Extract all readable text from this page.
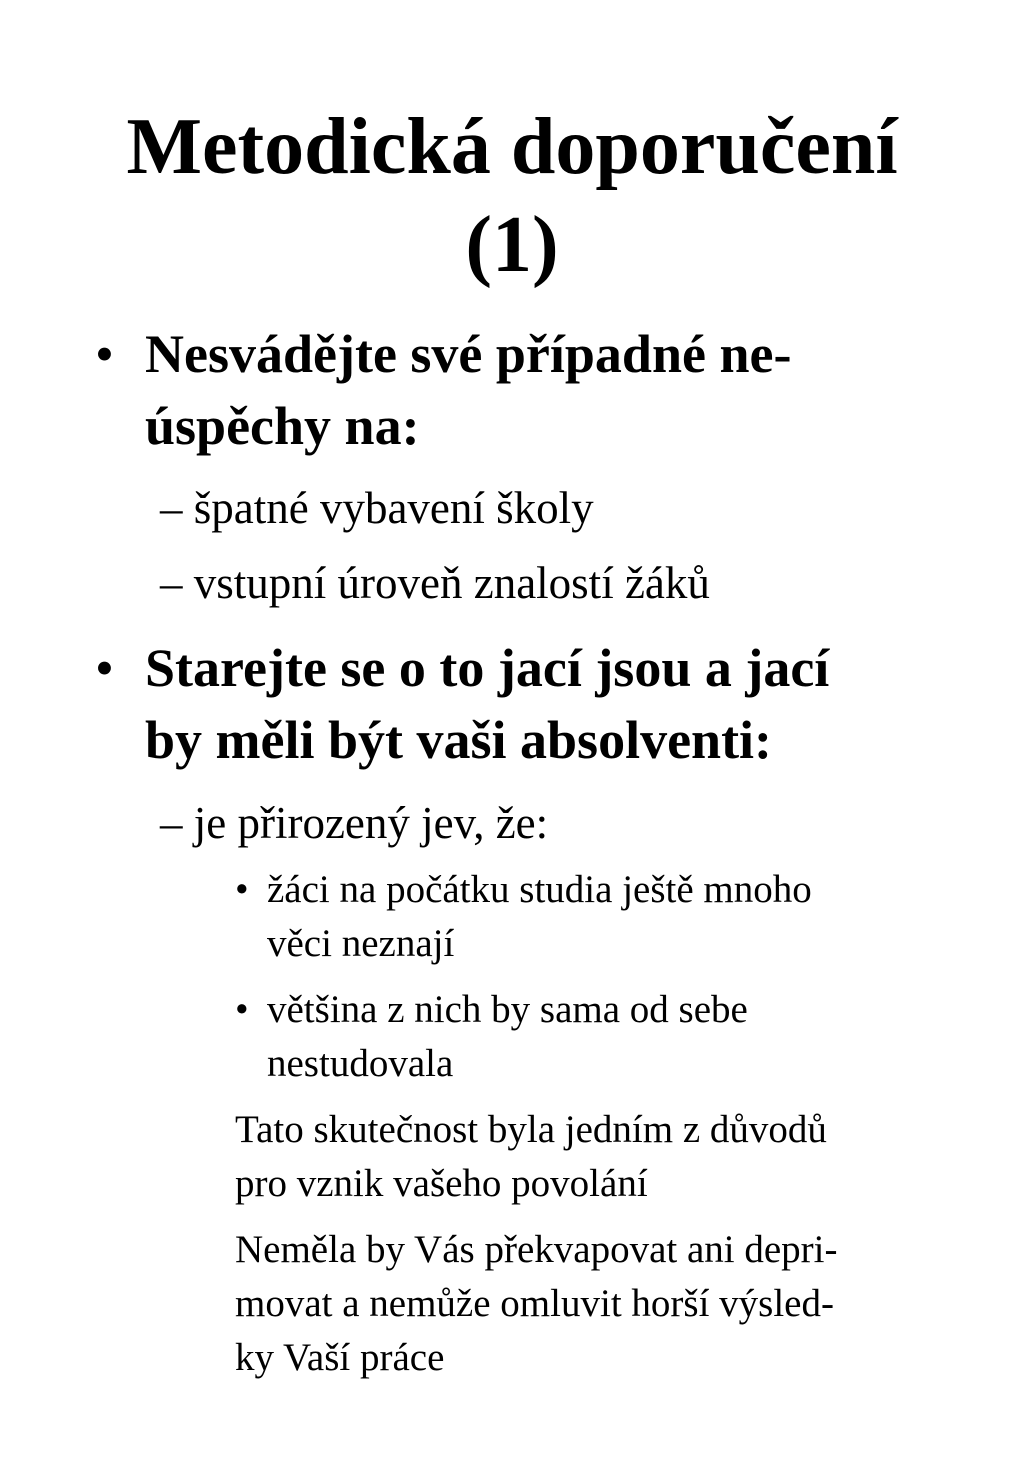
Metodická doporučení
(1)
• Nesvádějte své případné ne-
úspěchy na:
– špatné vybavení školy
– vstupní úroveň znalostí žáků
• Starejte se o to jací jsou a jací
by měli být vaši absolventi:
– je přirozený jev, že:
• žáci na počátku studia ještě mnoho
věci neznají
• většina z nich by sama od sebe
nestudovala
Tato skutečnost byla jedním z důvodů
pro vznik vašeho povolání
Neměla by Vás překvapovat ani depri-
movat a nemůže omluvit horší výsled-
ky Vaší práce
